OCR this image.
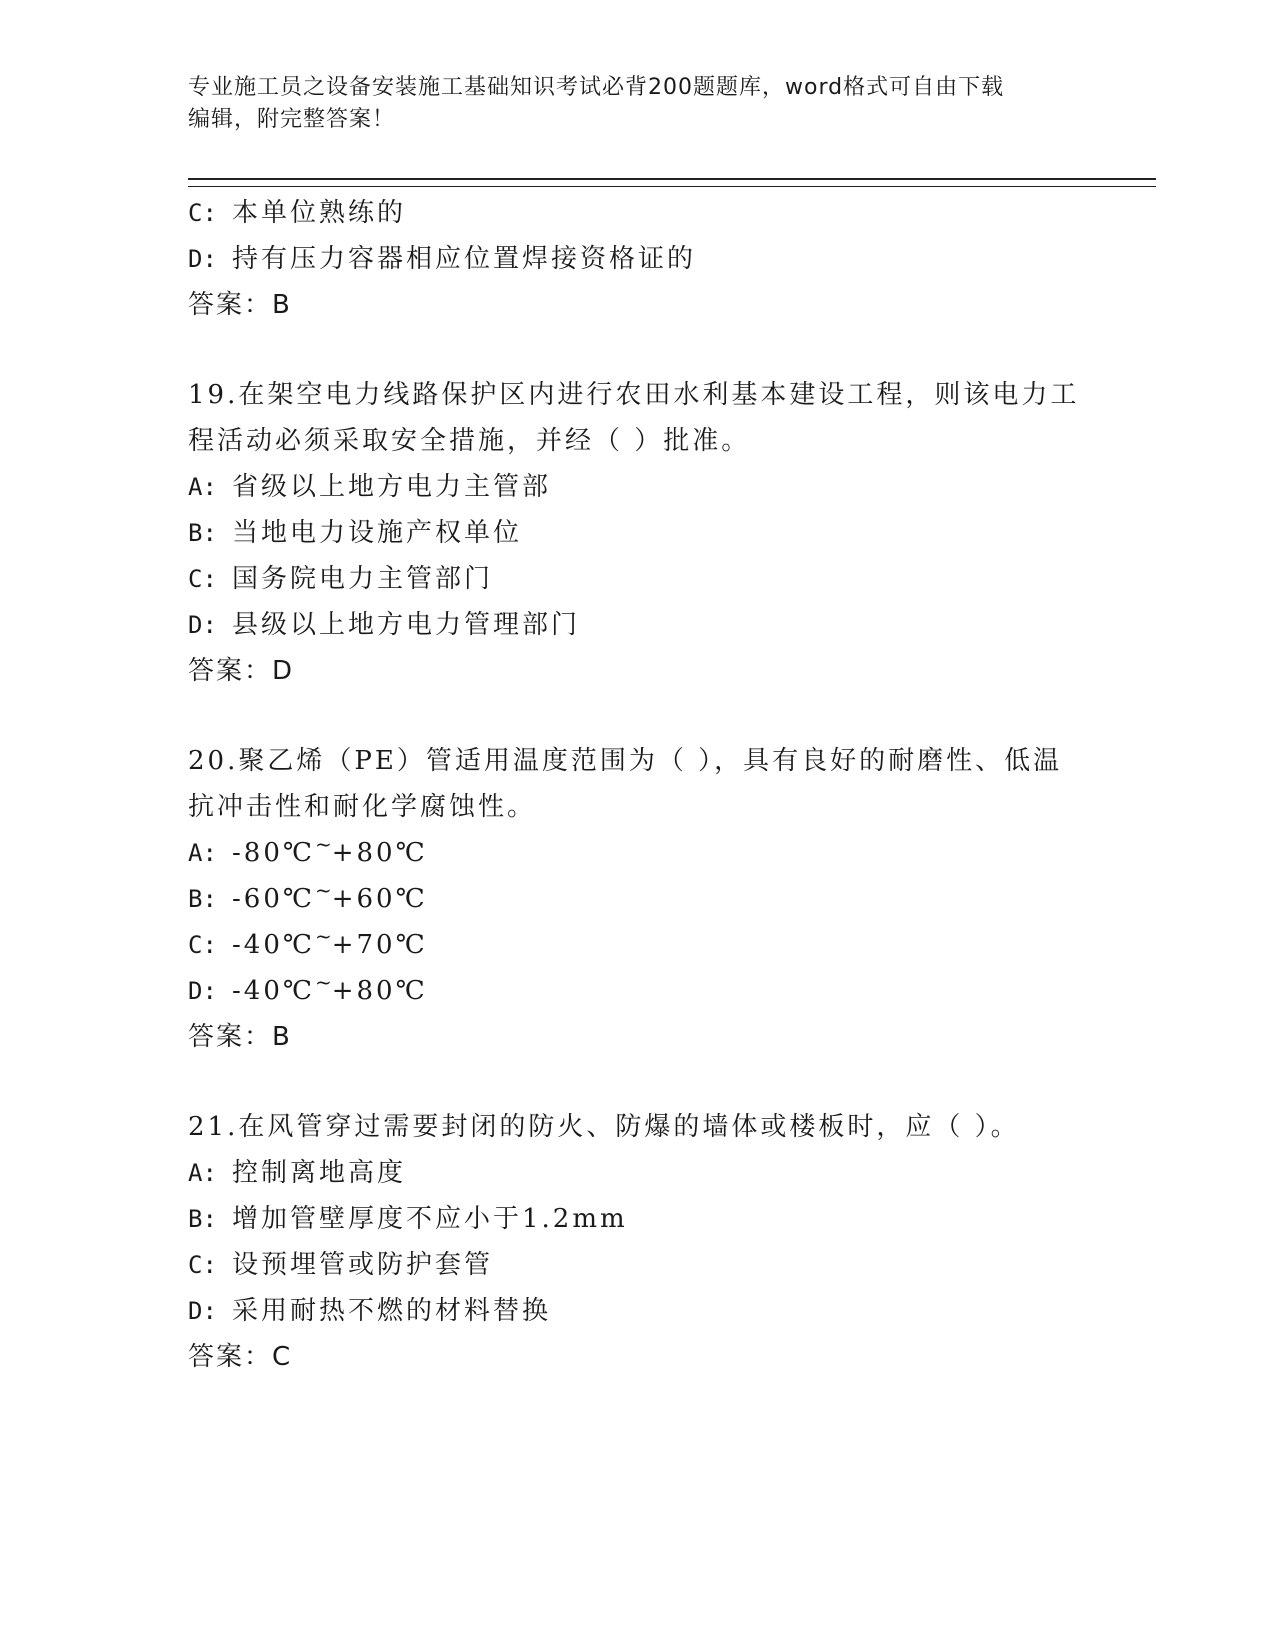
专业施工员之设备安装施工基础知识考试必背200题题库，word格式可自由下载
编辑，附完整答案！
C: 本单位熟练的
D: 持有压力容器相应位置焊接资格证的
答案：B
19.在架空电力线路保护区内进行农田水利基本建设工程，则该电力工
程活动必须采取安全措施，并经（ ）批准。
A: 省级以上地方电力主管部
B: 当地电力设施产权单位
C: 国务院电力主管部门
D: 县级以上地方电力管理部门
答案：D
20.聚乙烯（PE）管适用温度范围为（ ），具有良好的耐磨性、低温
抗冲击性和耐化学腐蚀性。
A: -80℃~+80℃
B: -60℃~+60℃
C: -40℃~+70℃
D: -40℃~+80℃
答案：B
21.在风管穿过需要封闭的防火、防爆的墙体或楼板时，应（ ）。
A: 控制离地高度
B: 增加管壁厚度不应小于1.2mm
C: 设预埋管或防护套管
D: 采用耐热不燃的材料替换
答案：C
